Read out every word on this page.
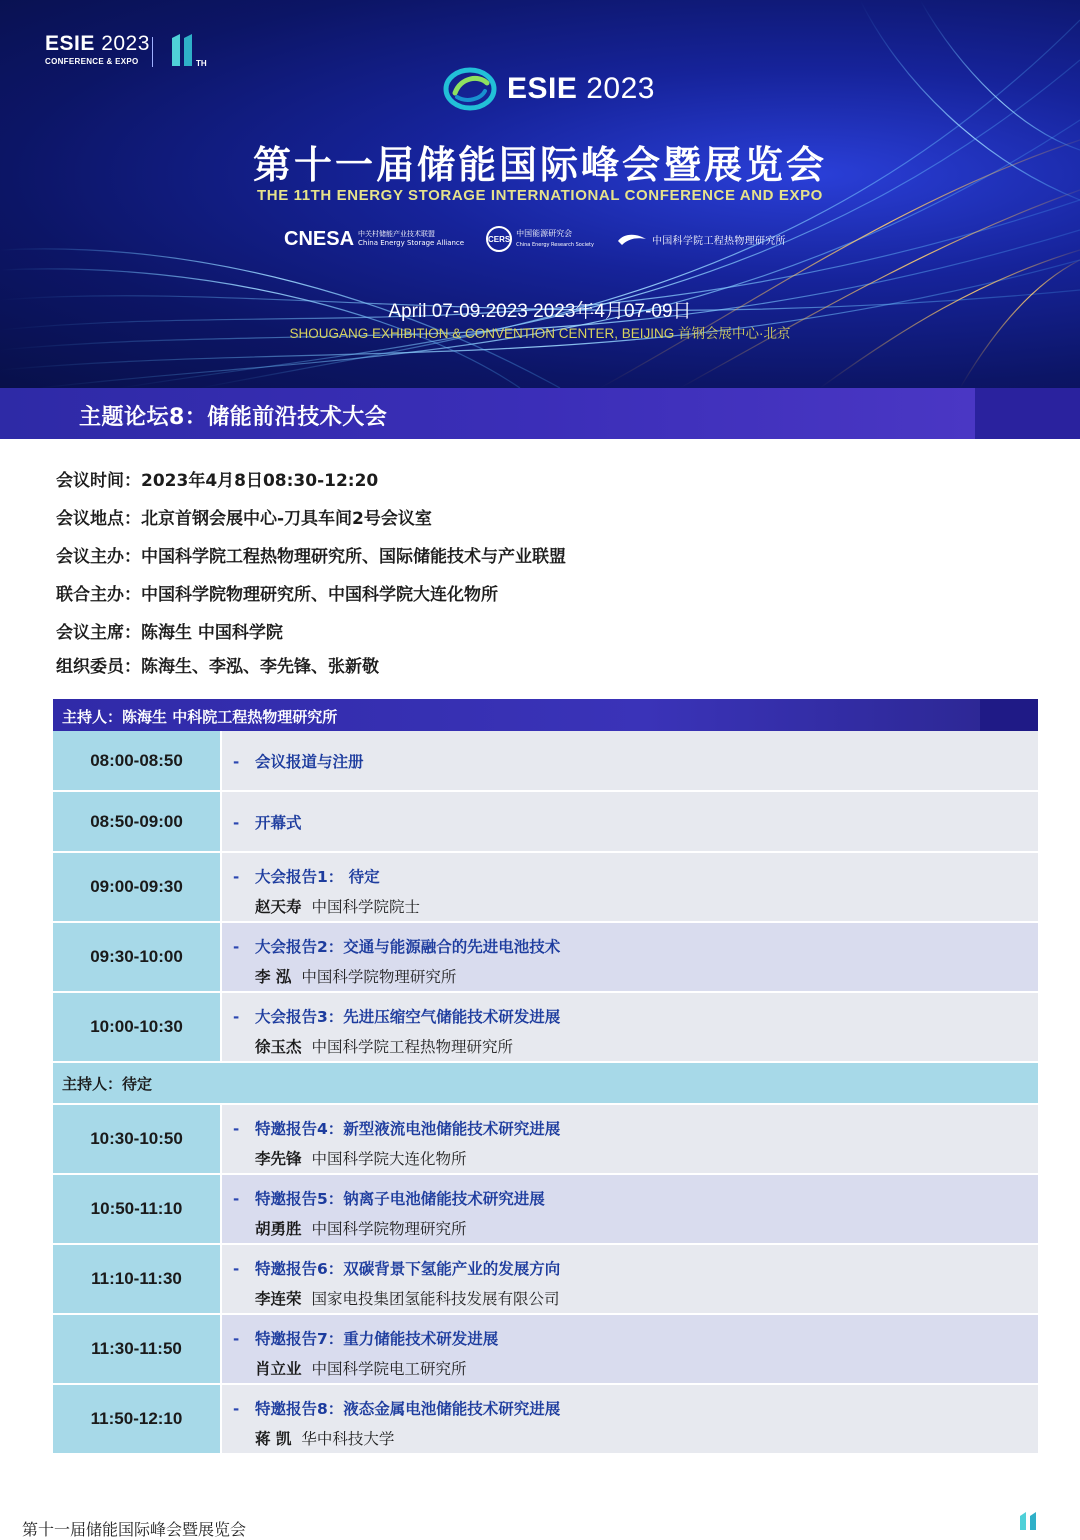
ESIE 2023
CONFERENCE & EXPO	TH
ESIE 2023
第十一届储能国际峰会暨展览会
THE 11TH ENERGY STORAGE INTERNATIONAL CONFERENCE AND EXPO
CNESA 中关村储能产业技术联盟
China Energy Storage Alliance	CERS
中国能源研究会
China Energy Research Society	中国科学院工程热物理研究所
April 07-09.2023 2023年4月07-09日
SHOUGANG EXHIBITION & CONVENTION CENTER, BEIJING 首钢会展中心·北京
主题论坛8：储能前沿技术大会
会议时间：2023年4月8日08:30-12:20
会议地点：北京首钢会展中心-刀具车间2号会议室
会议主办：中国科学院工程热物理研究所、国际储能技术与产业联盟
联合主办：中国科学院物理研究所、中国科学院大连化物所
会议主席：陈海生 中国科学院
组织委员：陈海生、李泓、李先锋、张新敬
主持人：陈海生 中科院工程热物理研究所
08:00-08:50	- 会议报道与注册
08:50-09:00	- 开幕式
09:00-09:30	- 大会报告1： 待定
赵天寿 中国科学院院士
09:30-10:00	- 大会报告2：交通与能源融合的先进电池技术
李 泓 中国科学院物理研究所
10:00-10:30	- 大会报告3：先进压缩空气储能技术研发进展
徐玉杰 中国科学院工程热物理研究所
主持人：待定
10:30-10:50	- 特邀报告4：新型液流电池储能技术研究进展
李先锋 中国科学院大连化物所
10:50-11:10	- 特邀报告5：钠离子电池储能技术研究进展
胡勇胜 中国科学院物理研究所
11:10-11:30	- 特邀报告6：双碳背景下氢能产业的发展方向
李连荣 国家电投集团氢能科技发展有限公司
11:30-11:50	- 特邀报告7：重力储能技术研发进展
肖立业 中国科学院电工研究所
11:50-12:10	- 特邀报告8：液态金属电池储能技术研究进展
蒋 凯 华中科技大学
第十一届储能国际峰会暨展览会
